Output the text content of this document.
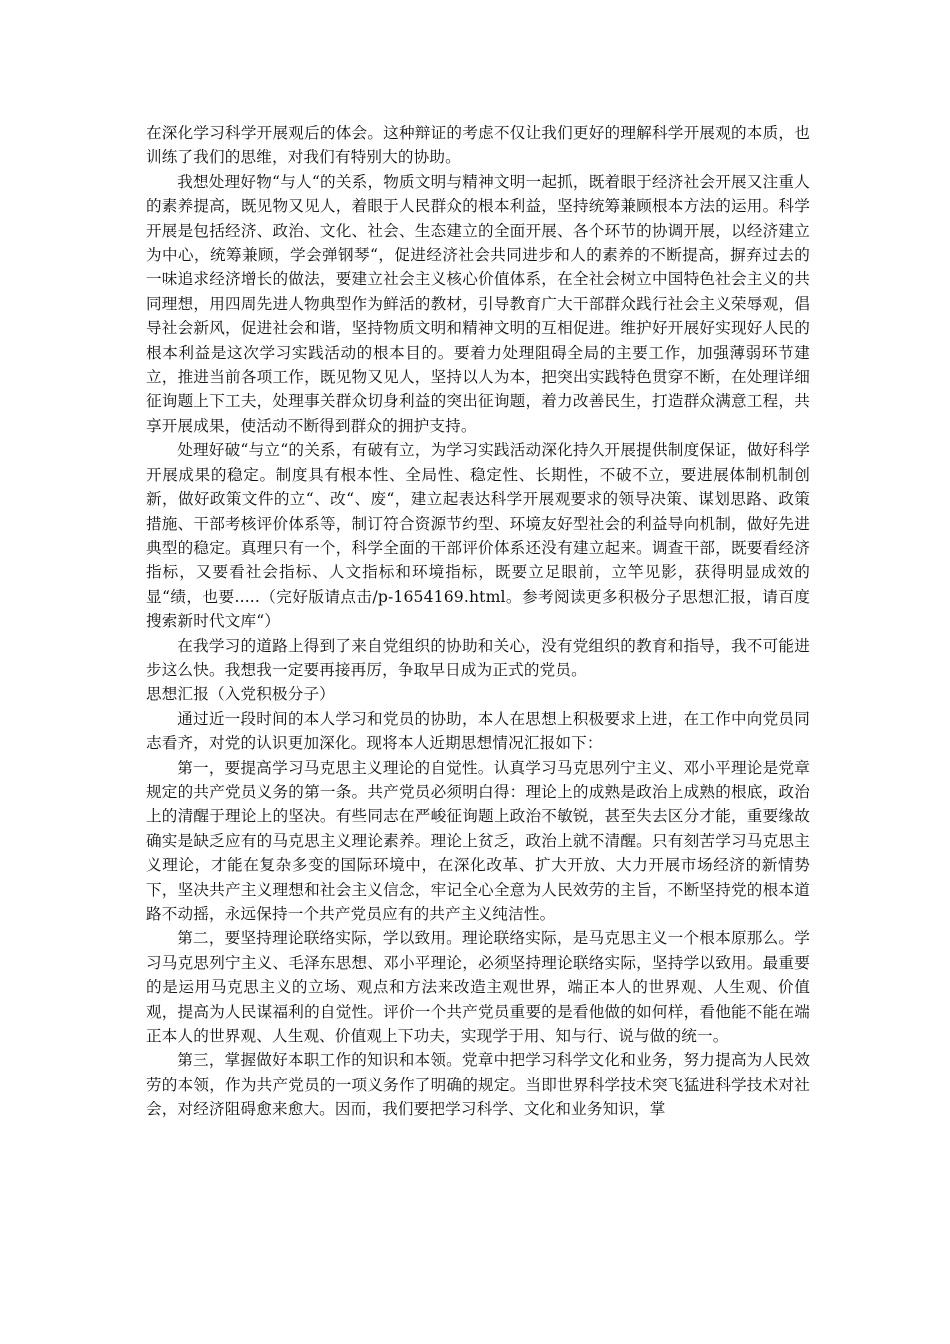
在深化学习科学开展观后的体会。这种辩证的考虑不仅让我们更好的理解科学开展观的本质，也训练了我们的思维，对我们有特别大的协助。

我想处理好物“与人“的关系，物质文明与精神文明一起抓，既着眼于经济社会开展又注重人的素养提高，既见物又见人，着眼于人民群众的根本利益，坚持统筹兼顾根本方法的运用。科学开展是包括经济、政治、文化、社会、生态建立的全面开展、各个环节的协调开展，以经济建立为中心，统筹兼顾，学会弹钢琴“，促进经济社会共同进步和人的素养的不断提高，摒弃过去的一味追求经济增长的做法，要建立社会主义核心价值体系，在全社会树立中国特色社会主义的共同理想，用四周先进人物典型作为鲜活的教材，引导教育广大干部群众践行社会主义荣辱观，倡导社会新风，促进社会和谐，坚持物质文明和精神文明的互相促进。维护好开展好实现好人民的根本利益是这次学习实践活动的根本目的。要着力处理阻碍全局的主要工作，加强薄弱环节建立，推进当前各项工作，既见物又见人，坚持以人为本，把突出实践特色贯穿不断，在处理详细征询题上下工夫，处理事关群众切身利益的突出征询题，着力改善民生，打造群众满意工程，共享开展成果，使活动不断得到群众的拥护支持。

处理好破“与立“的关系，有破有立，为学习实践活动深化持久开展提供制度保证，做好科学开展成果的稳定。制度具有根本性、全局性、稳定性、长期性，不破不立，要进展体制机制创新，做好政策文件的立“、改“、废“，建立起表达科学开展观要求的领导决策、谋划思路、政策措施、干部考核评价体系等，制订符合资源节约型、环境友好型社会的利益导向机制，做好先进典型的稳定。真理只有一个，科学全面的干部评价体系还没有建立起来。调查干部，既要看经济指标，又要看社会指标、人文指标和环境指标，既要立足眼前，立竿见影，获得明显成效的显“绩，也要.....（完好版请点击/p-1654169.html。参考阅读更多积极分子思想汇报，请百度搜索新时代文库“）

在我学习的道路上得到了来自党组织的协助和关心，没有党组织的教育和指导，我不可能进步这么快。我想我一定要再接再厉，争取早日成为正式的党员。

思想汇报（入党积极分子）

通过近一段时间的本人学习和党员的协助，本人在思想上积极要求上进，在工作中向党员同志看齐，对党的认识更加深化。现将本人近期思想情况汇报如下：

第一，要提高学习马克思主义理论的自觉性。认真学习马克思列宁主义、邓小平理论是党章规定的共产党员义务的第一条。共产党员必须明白得：理论上的成熟是政治上成熟的根底，政治上的清醒于理论上的坚决。有些同志在严峻征询题上政治不敏锐，甚至失去区分才能，重要缘故确实是缺乏应有的马克思主义理论素养。理论上贫乏，政治上就不清醒。只有刻苦学习马克思主义理论，才能在复杂多变的国际环境中，在深化改革、扩大开放、大力开展市场经济的新情势下，坚决共产主义理想和社会主义信念，牢记全心全意为人民效劳的主旨，不断坚持党的根本道路不动摇，永远保持一个共产党员应有的共产主义纯洁性。

第二，要坚持理论联络实际，学以致用。理论联络实际，是马克思主义一个根本原那么。学习马克思列宁主义、毛泽东思想、邓小平理论，必须坚持理论联络实际，坚持学以致用。最重要的是运用马克思主义的立场、观点和方法来改造主观世界，端正本人的世界观、人生观、价值观，提高为人民谋福利的自觉性。评价一个共产党员重要的是看他做的如何样，看他能不能在端正本人的世界观、人生观、价值观上下功夫，实现学于用、知与行、说与做的统一。

第三，掌握做好本职工作的知识和本领。党章中把学习科学文化和业务，努力提高为人民效劳的本领，作为共产党员的一项义务作了明确的规定。当即世界科学技术突飞猛进科学技术对社会，对经济阻碍愈来愈大。因而，我们要把学习科学、文化和业务知识，掌
